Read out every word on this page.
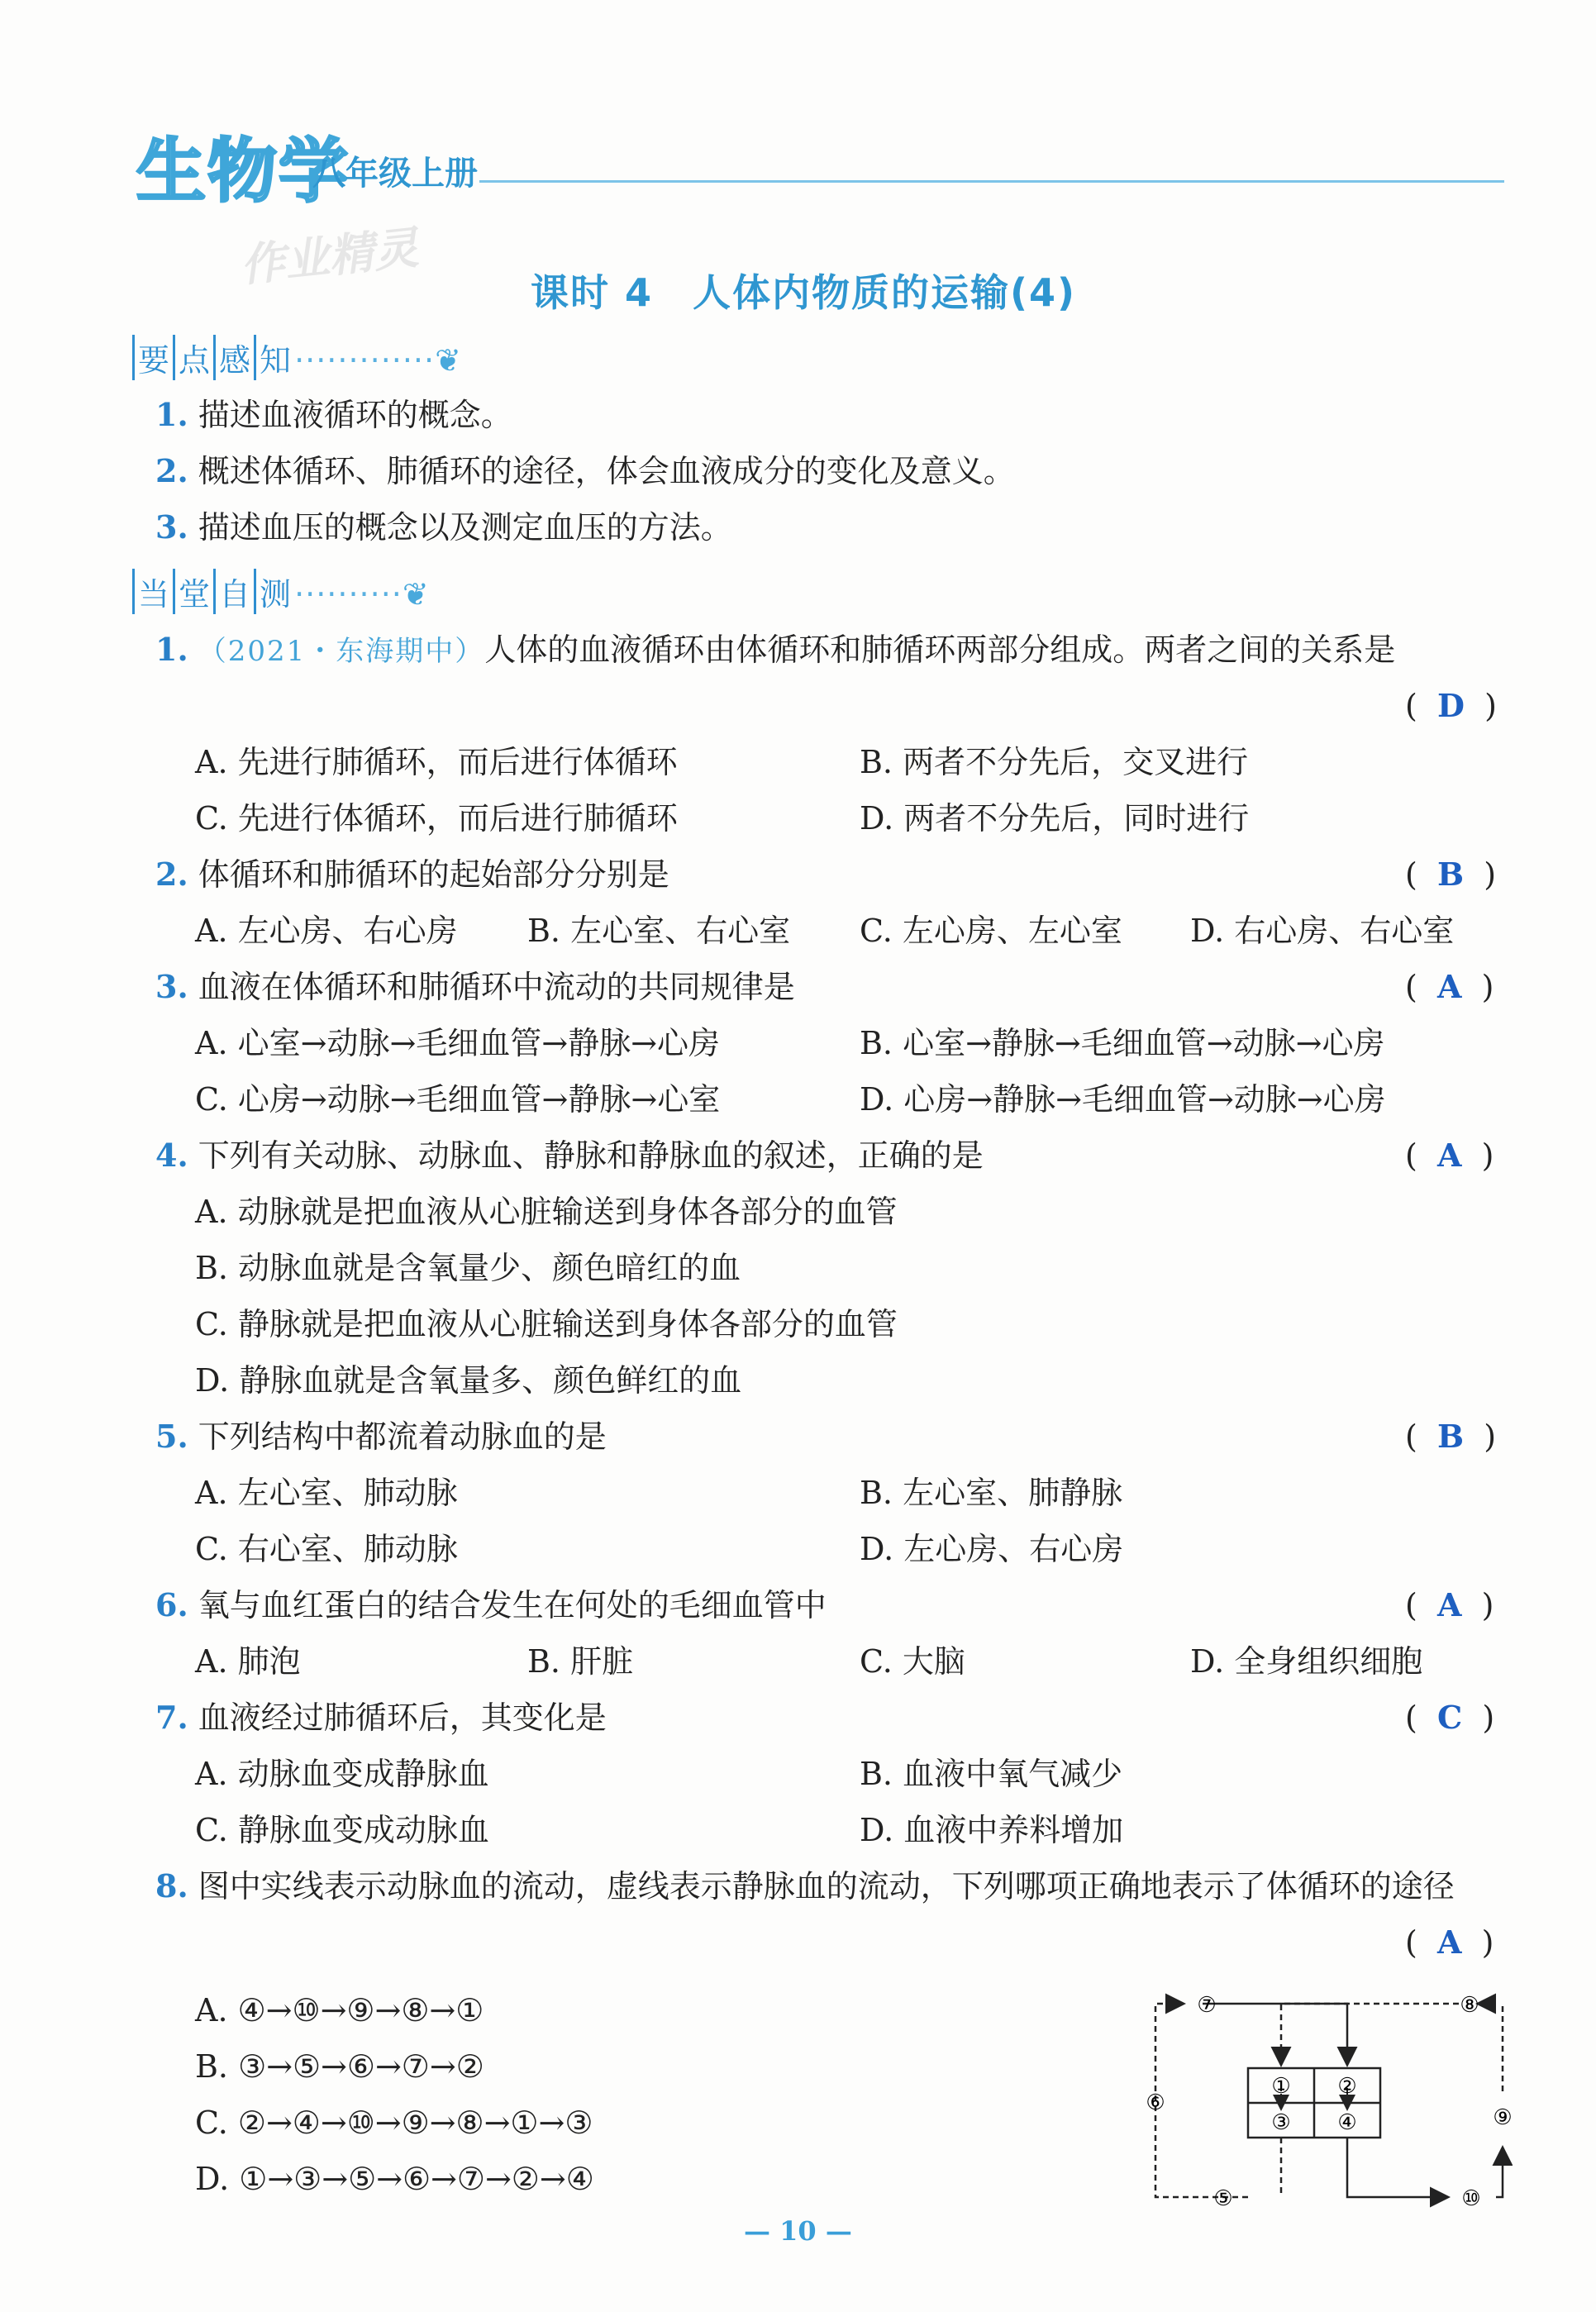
生物学
八年级上册
作业精灵
课时 4　人体内物质的运输(4)
要 点 感 知 ·············❦
1. 描述血液循环的概念。
2. 概述体循环、肺循环的途径，体会血液成分的变化及意义。
3. 描述血压的概念以及测定血压的方法。
当 堂 自 测 ··········❦
1. （2021・东海期中）人体的血液循环由体循环和肺循环两部分组成。两者之间的关系是
(  D  )
A. 先进行肺循环，而后进行体循环	B. 两者不分先后，交叉进行
C. 先进行体循环，而后进行肺循环	D. 两者不分先后，同时进行
2. 体循环和肺循环的起始部分分别是	(  B  )
A. 左心房、右心房 B. 左心室、右心室 C. 左心房、左心室 D. 右心房、右心室
3. 血液在体循环和肺循环中流动的共同规律是	(  A  )
A. 心室→动脉→毛细血管→静脉→心房	B. 心室→静脉→毛细血管→动脉→心房
C. 心房→动脉→毛细血管→静脉→心室	D. 心房→静脉→毛细血管→动脉→心房
4. 下列有关动脉、动脉血、静脉和静脉血的叙述，正确的是	(  A  )
A. 动脉就是把血液从心脏输送到身体各部分的血管
B. 动脉血就是含氧量少、颜色暗红的血
C. 静脉就是把血液从心脏输送到身体各部分的血管
D. 静脉血就是含氧量多、颜色鲜红的血
5. 下列结构中都流着动脉血的是	(  B  )
A. 左心室、肺动脉	B. 左心室、肺静脉
C. 右心室、肺动脉	D. 左心房、右心房
6. 氧与血红蛋白的结合发生在何处的毛细血管中	(  A  )
A. 肺泡	B. 肝脏	C. 大脑	D. 全身组织细胞
7. 血液经过肺循环后，其变化是	(  C  )
A. 动脉血变成静脉血	B. 血液中氧气减少
C. 静脉血变成动脉血	D. 血液中养料增加
8. 图中实线表示动脉血的流动，虚线表示静脉血的流动，下列哪项正确地表示了体循环的途径
(  A  )
A. ④→⑩→⑨→⑧→①
B. ③→⑤→⑥→⑦→②
C. ②→④→⑩→⑨→⑧→①→③
D. ①→③→⑤→⑥→⑦→②→④
① ②
③ ④
⑤
⑥
⑦	⑧
⑨
⑩
— 10 —
